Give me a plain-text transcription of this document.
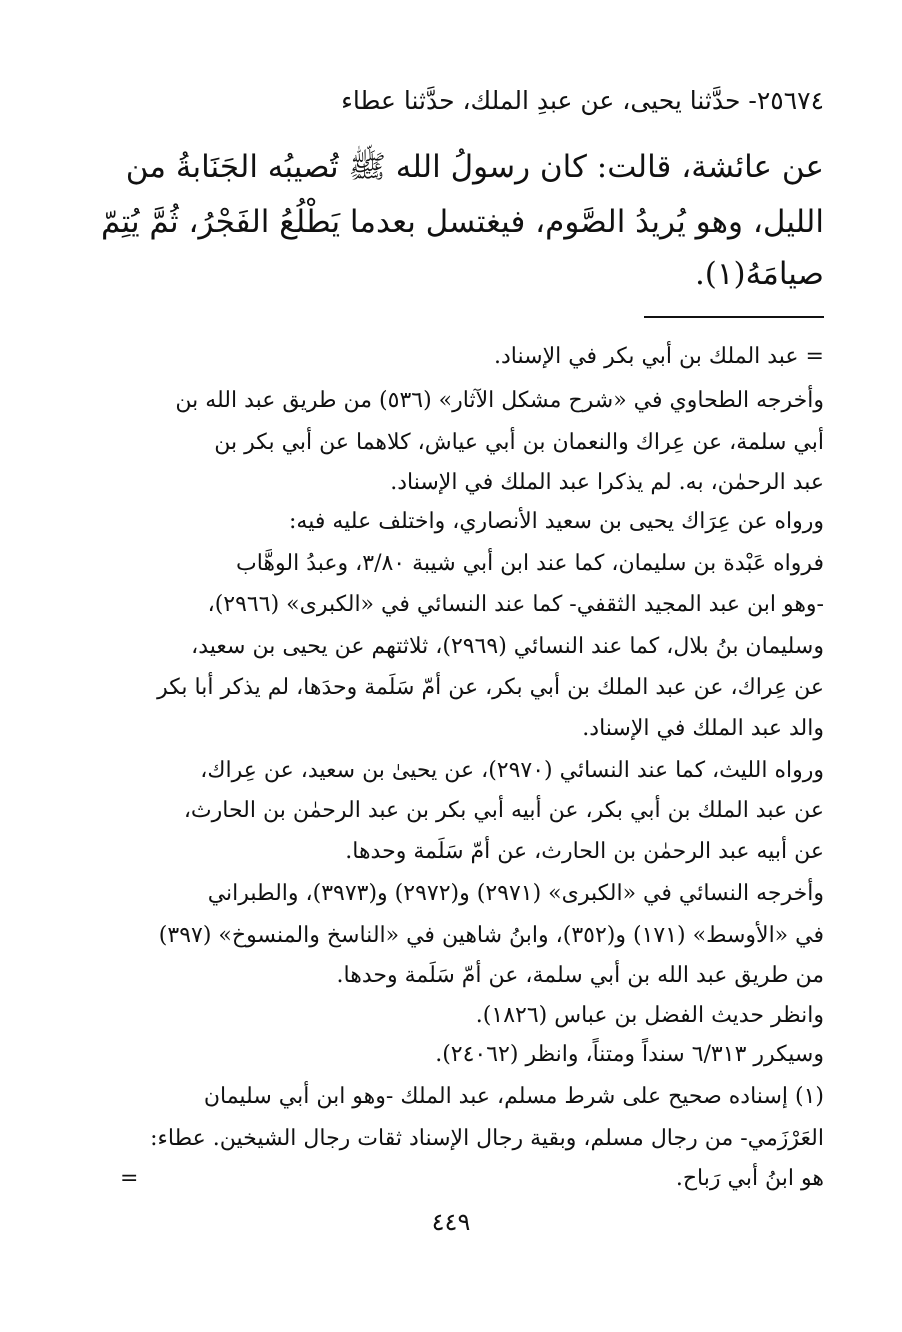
٢٥٦٧٤- حدَّثنا يحيى، عن عبدِ الملك، حدَّثنا عطاء
عن عائشة، قالت: كان رسولُ الله ﷺ تُصيبُه الجَنَابةُ من
الليل، وهو يُريدُ الصَّوم، فيغتسل بعدما يَطْلُعُ الفَجْرُ، ثُمَّ يُتِمّ
صيامَهُ(١).
= عبد الملك بن أبي بكر في الإسناد.
وأخرجه الطحاوي في «شرح مشكل الآثار» (٥٣٦) من طريق عبد الله بن
أبي سلمة، عن عِراك والنعمان بن أبي عياش، كلاهما عن أبي بكر بن
عبد الرحمٰن، به. لم يذكرا عبد الملك في الإسناد.
ورواه عن عِرَاك يحيى بن سعيد الأنصاري، واختلف عليه فيه:
فرواه عَبْدة بن سليمان، كما عند ابن أبي شيبة ٣/٨٠، وعبدُ الوهَّاب
-وهو ابن عبد المجيد الثقفي- كما عند النسائي في «الكبرى» (٢٩٦٦)،
وسليمان بنُ بلال، كما عند النسائي (٢٩٦٩)، ثلاثتهم عن يحيى بن سعيد،
عن عِراك، عن عبد الملك بن أبي بكر، عن أمّ سَلَمة وحدَها، لم يذكر أبا بكر
والد عبد الملك في الإسناد.
ورواه الليث، كما عند النسائي (٢٩٧٠)، عن يحيىٰ بن سعيد، عن عِراك،
عن عبد الملك بن أبي بكر، عن أبيه أبي بكر بن عبد الرحمٰن بن الحارث،
عن أبيه عبد الرحمٰن بن الحارث، عن أمّ سَلَمة وحدها.
وأخرجه النسائي في «الكبرى» (٢٩٧١) و(٢٩٧٢) و(٣٩٧٣)، والطبراني
في «الأوسط» (١٧١) و(٣٥٢)، وابنُ شاهين في «الناسخ والمنسوخ» (٣٩٧)
من طريق عبد الله بن أبي سلمة، عن أمّ سَلَمة وحدها.
وانظر حديث الفضل بن عباس (١٨٢٦).
وسيكرر ٦/٣١٣ سنداً ومتناً، وانظر (٢٤٠٦٢).
(١) إسناده صحيح على شرط مسلم، عبد الملك -وهو ابن أبي سليمان
العَرْزَمي- من رجال مسلم، وبقية رجال الإسناد ثقات رجال الشيخين. عطاء:
هو ابنُ أبي رَباح.
=
٤٤٩
